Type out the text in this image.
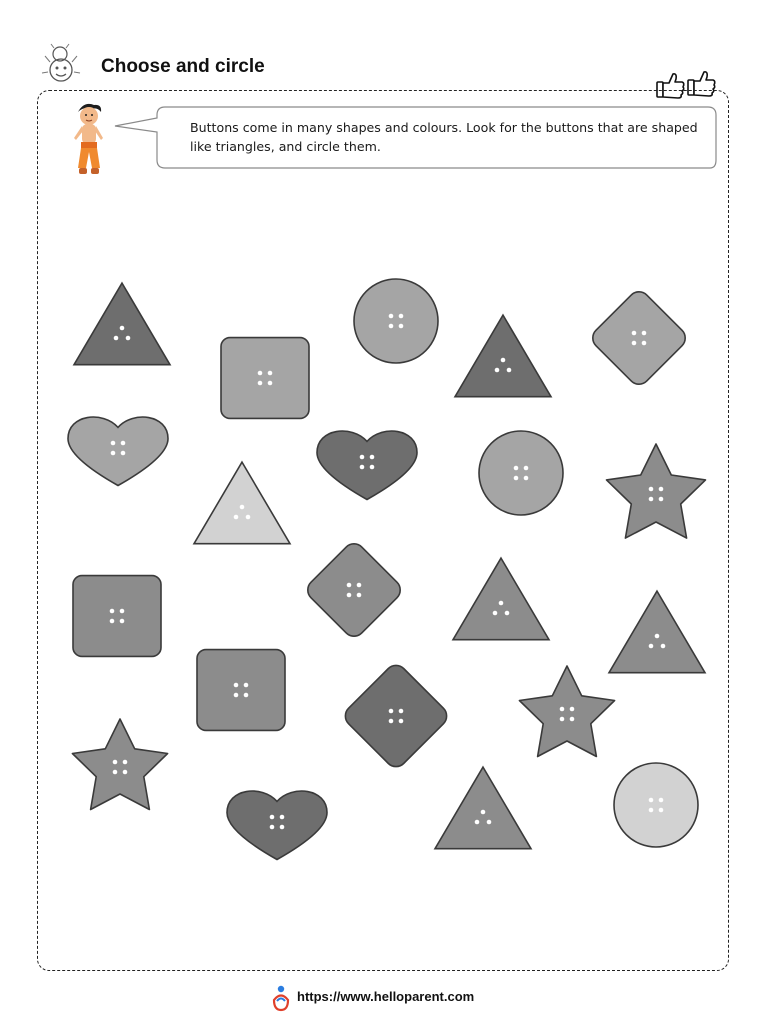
Choose and circle
Buttons come in many shapes and colours. Look for the buttons that are shaped like triangles, and circle them.
https://www.helloparent.com
